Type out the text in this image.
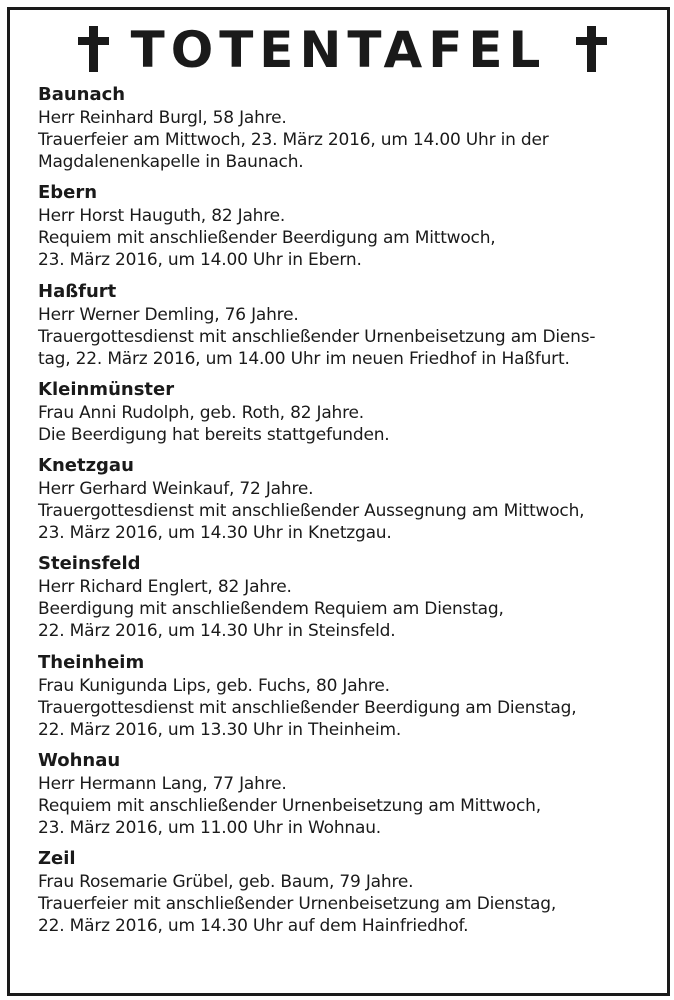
TOTENTAFEL
Baunach
Herr Reinhard Burgl, 58 Jahre.
Trauerfeier am Mittwoch, 23. März 2016, um 14.00 Uhr in der
Magdalenenkapelle in Baunach.
Ebern
Herr Horst Hauguth, 82 Jahre.
Requiem mit anschließender Beerdigung am Mittwoch,
23. März 2016, um 14.00 Uhr in Ebern.
Haßfurt
Herr Werner Demling, 76 Jahre.
Trauergottesdienst mit anschließender Urnenbeisetzung am Diens-
tag, 22. März 2016, um 14.00 Uhr im neuen Friedhof in Haßfurt.
Kleinmünster
Frau Anni Rudolph, geb. Roth, 82 Jahre.
Die Beerdigung hat bereits stattgefunden.
Knetzgau
Herr Gerhard Weinkauf, 72 Jahre.
Trauergottesdienst mit anschließender Aussegnung am Mittwoch,
23. März 2016, um 14.30 Uhr in Knetzgau.
Steinsfeld
Herr Richard Englert, 82 Jahre.
Beerdigung mit anschließendem Requiem am Dienstag,
22. März 2016, um 14.30 Uhr in Steinsfeld.
Theinheim
Frau Kunigunda Lips, geb. Fuchs, 80 Jahre.
Trauergottesdienst mit anschließender Beerdigung am Dienstag,
22. März 2016, um 13.30 Uhr in Theinheim.
Wohnau
Herr Hermann Lang, 77 Jahre.
Requiem mit anschließender Urnenbeisetzung am Mittwoch,
23. März 2016, um 11.00 Uhr in Wohnau.
Zeil
Frau Rosemarie Grübel, geb. Baum, 79 Jahre.
Trauerfeier mit anschließender Urnenbeisetzung am Dienstag,
22. März 2016, um 14.30 Uhr auf dem Hainfriedhof.
